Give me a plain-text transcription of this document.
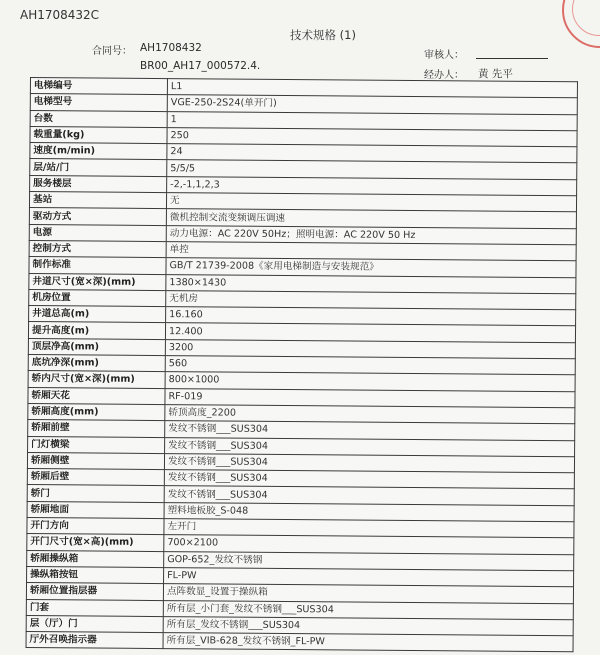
AH1708432C
技术规格 (1)
合同号： AH1708432
BR00_AH17_000572.4.
审核人：
经办人： 黄 先平
电梯编号	L1
电梯型号	VGE-250-2S24(单开门)
台数	1
载重量(kg)	250
速度(m/min)	24
层/站/门	5/5/5
服务楼层	-2,-1,1,2,3
基站	无
驱动方式	微机控制交流变频调压调速
电源	动力电源：AC 220V 50Hz；照明电源：AC 220V 50 Hz
控制方式	单控
制作标准	GB/T 21739-2008《家用电梯制造与安装规范》
井道尺寸(宽×深)(mm)	1380×1430
机房位置	无机房
井道总高(m)	16.160
提升高度(m)	12.400
顶层净高(mm)	3200
底坑净深(mm)	560
轿内尺寸(宽×深)(mm)	800×1000
轿厢天花	RF-019
轿厢高度(mm)	轿顶高度_2200
轿厢前壁	发纹不锈钢___SUS304
门灯横梁	发纹不锈钢___SUS304
轿厢侧壁	发纹不锈钢___SUS304
轿厢后壁	发纹不锈钢___SUS304
轿门	发纹不锈钢___SUS304
轿厢地面	塑料地板胶_S-048
开门方向	左开门
开门尺寸(宽×高)(mm)	700×2100
轿厢操纵箱	GOP-652_发纹不锈钢
操纵箱按钮	FL-PW
轿厢位置指层器	点阵数显_设置于操纵箱
门套	所有层_小门套_发纹不锈钢___SUS304
层（厅）门	所有层_发纹不锈钢___SUS304
厅外召唤指示器	所有层_VIB-628_发纹不锈钢_FL-PW
